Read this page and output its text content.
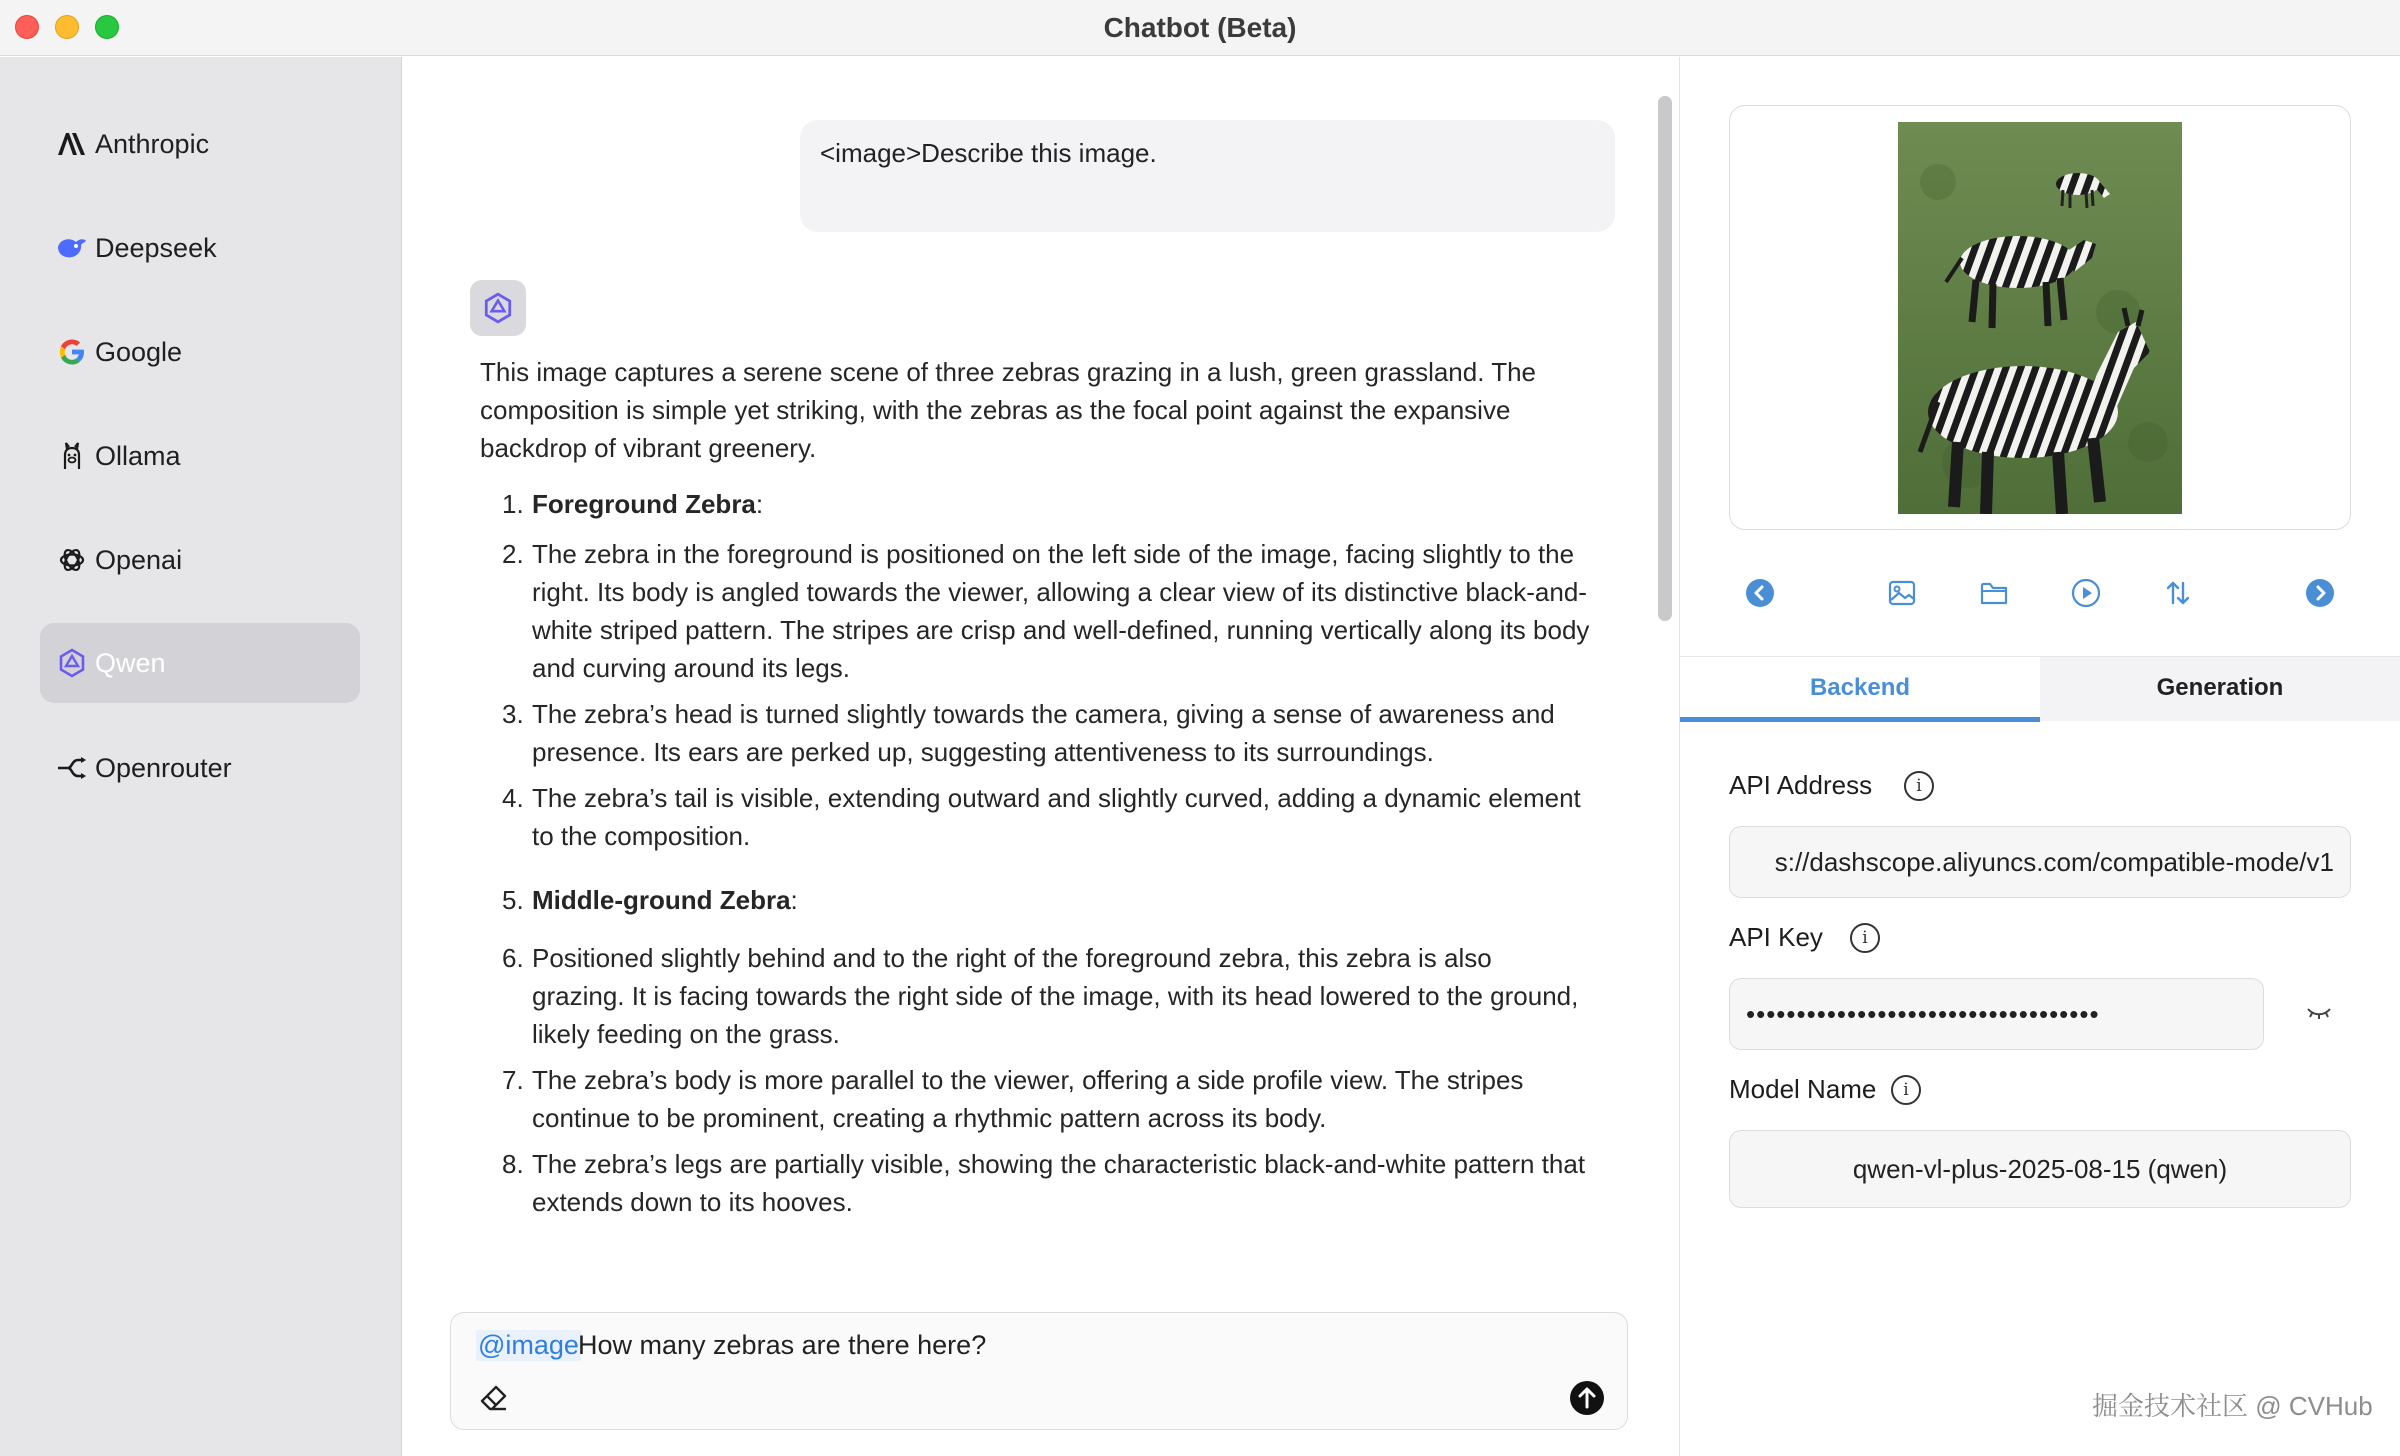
Chatbot (Beta)
Anthropic
Deepseek
Google
Ollama
Openai
Qwen
Openrouter
<image>Describe this image.

This image captures a serene scene of three zebras grazing in a lush, green grassland. The composition is simple yet striking, with the zebras as the focal point against the expansive backdrop of vibrant greenery.

1. Foreground Zebra:
2. The zebra in the foreground is positioned on the left side of the image, facing slightly to the right. Its body is angled towards the viewer, allowing a clear view of its distinctive black-and-white striped pattern. The stripes are crisp and well-defined, running vertically along its body and curving around its legs.
3. The zebra’s head is turned slightly towards the camera, giving a sense of awareness and presence. Its ears are perked up, suggesting attentiveness to its surroundings.
4. The zebra’s tail is visible, extending outward and slightly curved, adding a dynamic element to the composition.
5. Middle-ground Zebra:
6. Positioned slightly behind and to the right of the foreground zebra, this zebra is also grazing. It is facing towards the right side of the image, with its head lowered to the ground, likely feeding on the grass.
7. The zebra’s body is more parallel to the viewer, offering a side profile view. The stripes continue to be prominent, creating a rhythmic pattern across its body.
8. The zebra’s legs are partially visible, showing the characteristic black-and-white pattern that extends down to its hooves.
@image How many zebras are there here?
Backend	Generation
API Address	i
s://dashscope.aliyuncs.com/compatible-mode/v1
API Key	i
•••••••••••••••••••••••••••••••••••
Model Name	i
qwen-vl-plus-2025-08-15 (qwen)
掘金技术社区 @ CVHub
